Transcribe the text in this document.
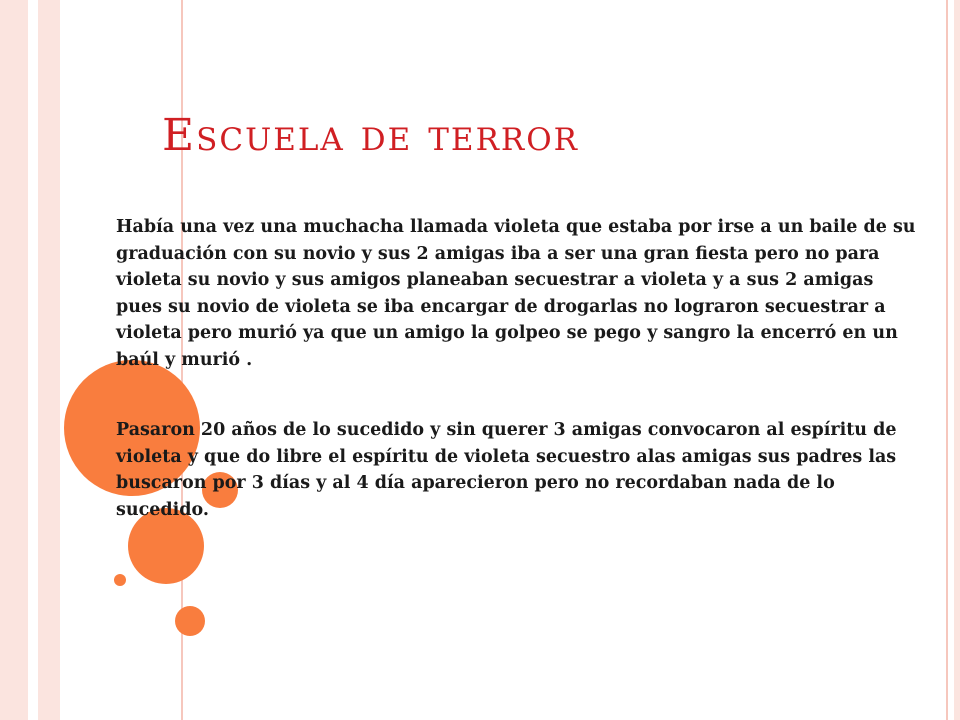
Escuela de terror

Había una vez una muchacha llamada violeta que estaba por irse a un baile de su graduación con su novio y sus 2 amigas iba a ser una gran fiesta pero no para violeta su novio y sus amigos planeaban secuestrar a violeta y a sus 2 amigas pues su novio de violeta se iba encargar de drogarlas no lograron secuestrar a violeta pero murió ya que un amigo la golpeo se pego y sangro la encerró en un baúl y murió .

Pasaron 20 años de lo sucedido y sin querer 3 amigas convocaron al espíritu de violeta y que do libre el espíritu de violeta secuestro alas amigas sus padres las buscaron por 3 días y al 4 día aparecieron pero no recordaban nada de lo sucedido.
